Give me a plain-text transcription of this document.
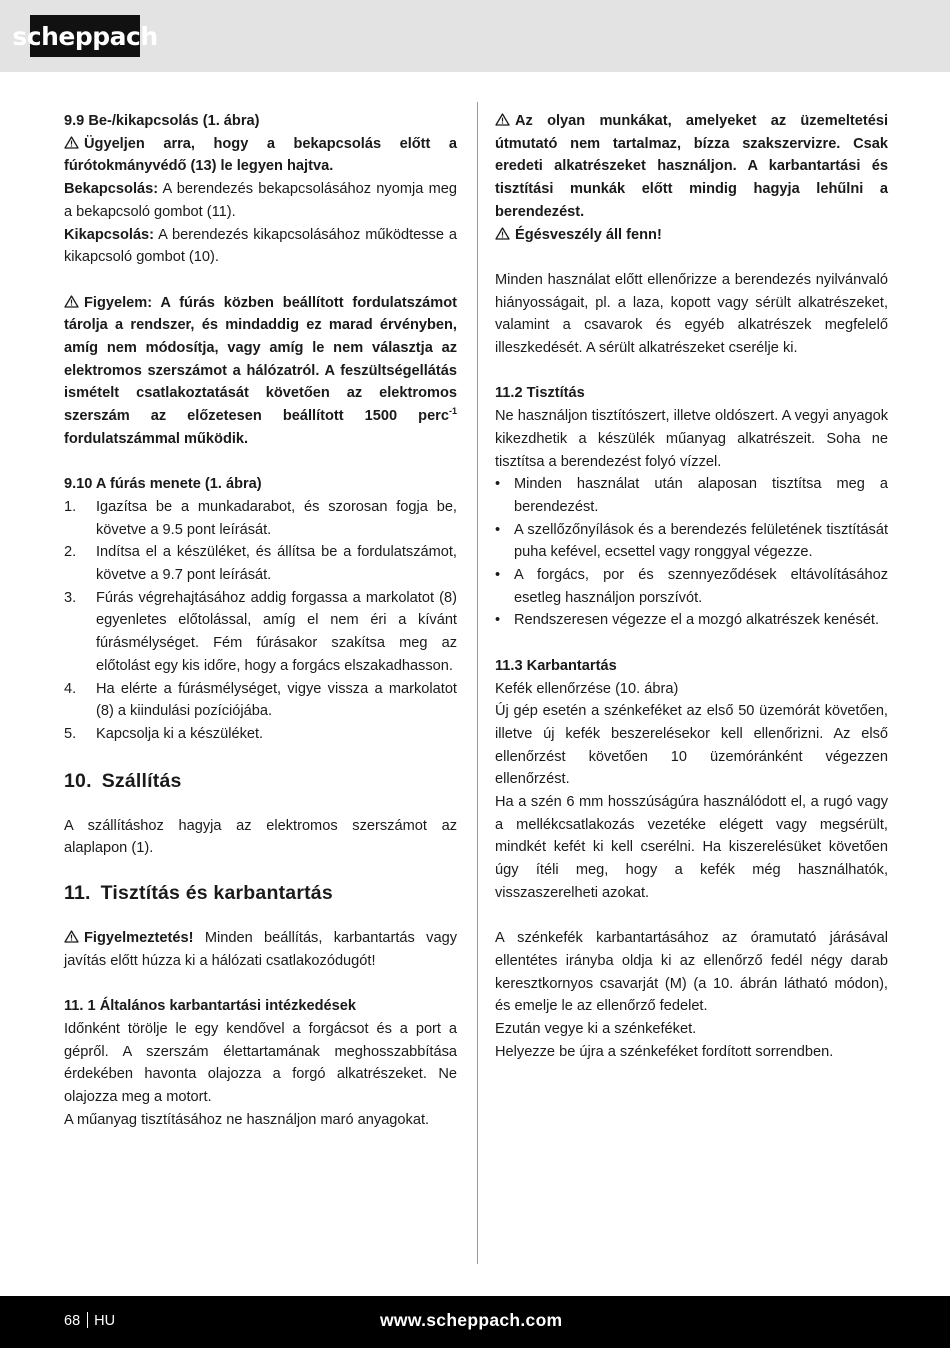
scheppach

9.9 Be-/kikapcsolás (1. ábra)

Ügyeljen arra, hogy a bekapcsolás előtt a fúrótokmányvédő (13) le legyen hajtva.

Bekapcsolás: A berendezés bekapcsolásához nyomja meg a bekapcsoló gombot (11).

Kikapcsolás: A berendezés kikapcsolásához működtesse a kikapcsoló gombot (10).

Figyelem: A fúrás közben beállított fordulatszámot tárolja a rendszer, és mindaddig ez marad érvényben, amíg nem módosítja, vagy amíg le nem választja az elektromos szerszámot a hálózatról. A feszültségellátás ismételt csatlakoztatását követően az elektromos szerszám az előzetesen beállított 1500 perc$^{-1}$ fordulatszámmal működik.

9.10 A fúrás menete (1. ábra)

1. Igazítsa be a munkadarabot, és szorosan fogja be, követve a 9.5 pont leírását.
2. Indítsa el a készüléket, és állítsa be a fordulatszámot, követve a 9.7 pont leírását.
3. Fúrás végrehajtásához addig forgassa a markolatot (8) egyenletes előtolással, amíg el nem éri a kívánt fúrásmélységet. Fém fúrásakor szakítsa meg az előtolást egy kis időre, hogy a forgács elszakadhasson.
4. Ha elérte a fúrásmélységet, vigye vissza a markolatot (8) a kiindulási pozíciójába.
5. Kapcsolja ki a készüléket.
10. Szállítás

A szállításhoz hagyja az elektromos szerszámot az alaplapon (1).

11. Tisztítás és karbantartás

Figyelmeztetés! Minden beállítás, karbantartás vagy javítás előtt húzza ki a hálózati csatlakozódugót!

11. 1 Általános karbantartási intézkedések

Időnként törölje le egy kendővel a forgácsot és a port a gépről. A szerszám élettartamának meghosszabbítása érdekében havonta olajozza a forgó alkatrészeket. Ne olajozza meg a motort.

A műanyag tisztításához ne használjon maró anyagokat.

Az olyan munkákat, amelyeket az üzemeltetési útmutató nem tartalmaz, bízza szakszervizre. Csak eredeti alkatrészeket használjon. A karbantartási és tisztítási munkák előtt mindig hagyja lehűlni a berendezést.

Égésveszély áll fenn!

Minden használat előtt ellenőrizze a berendezés nyilvánvaló hiányosságait, pl. a laza, kopott vagy sérült alkatrészeket, valamint a csavarok és egyéb alkatrészek megfelelő illeszkedését. A sérült alkatrészeket cserélje ki.

11.2 Tisztítás

Ne használjon tisztítószert, illetve oldószert. A vegyi anyagok kikezdhetik a készülék műanyag alkatrészeit. Soha ne tisztítsa a berendezést folyó vízzel.

• Minden használat után alaposan tisztítsa meg a berendezést.
• A szellőzőnyílások és a berendezés felületének tisztítását puha kefével, ecsettel vagy ronggyal végezze.
• A forgács, por és szennyeződések eltávolításához esetleg használjon porszívót.
• Rendszeresen végezze el a mozgó alkatrészek kenését.

11.3 Karbantartás

Kefék ellenőrzése (10. ábra)

Új gép esetén a szénkeféket az első 50 üzemórát követően, illetve új kefék beszerelésekor kell ellenőrizni. Az első ellenőrzést követően 10 üzemóránként végezzen ellenőrzést.

Ha a szén 6 mm hosszúságúra használódott el, a rugó vagy a mellékcsatlakozás vezetéke elégett vagy megsérült, mindkét kefét ki kell cserélni. Ha kiszerelésüket követően úgy ítéli meg, hogy a kefék még használhatók, visszaszerelheti azokat.

A szénkefék karbantartásához az óramutató járásával ellentétes irányba oldja ki az ellenőrző fedél négy darab keresztkornyos csavarját (M) (a 10. ábrán látható módon), és emelje le az ellenőrző fedelet.

Ezután vegye ki a szénkeféket.

Helyezze be újra a szénkeféket fordított sorrendben.

68 HU	www.scheppach.com
